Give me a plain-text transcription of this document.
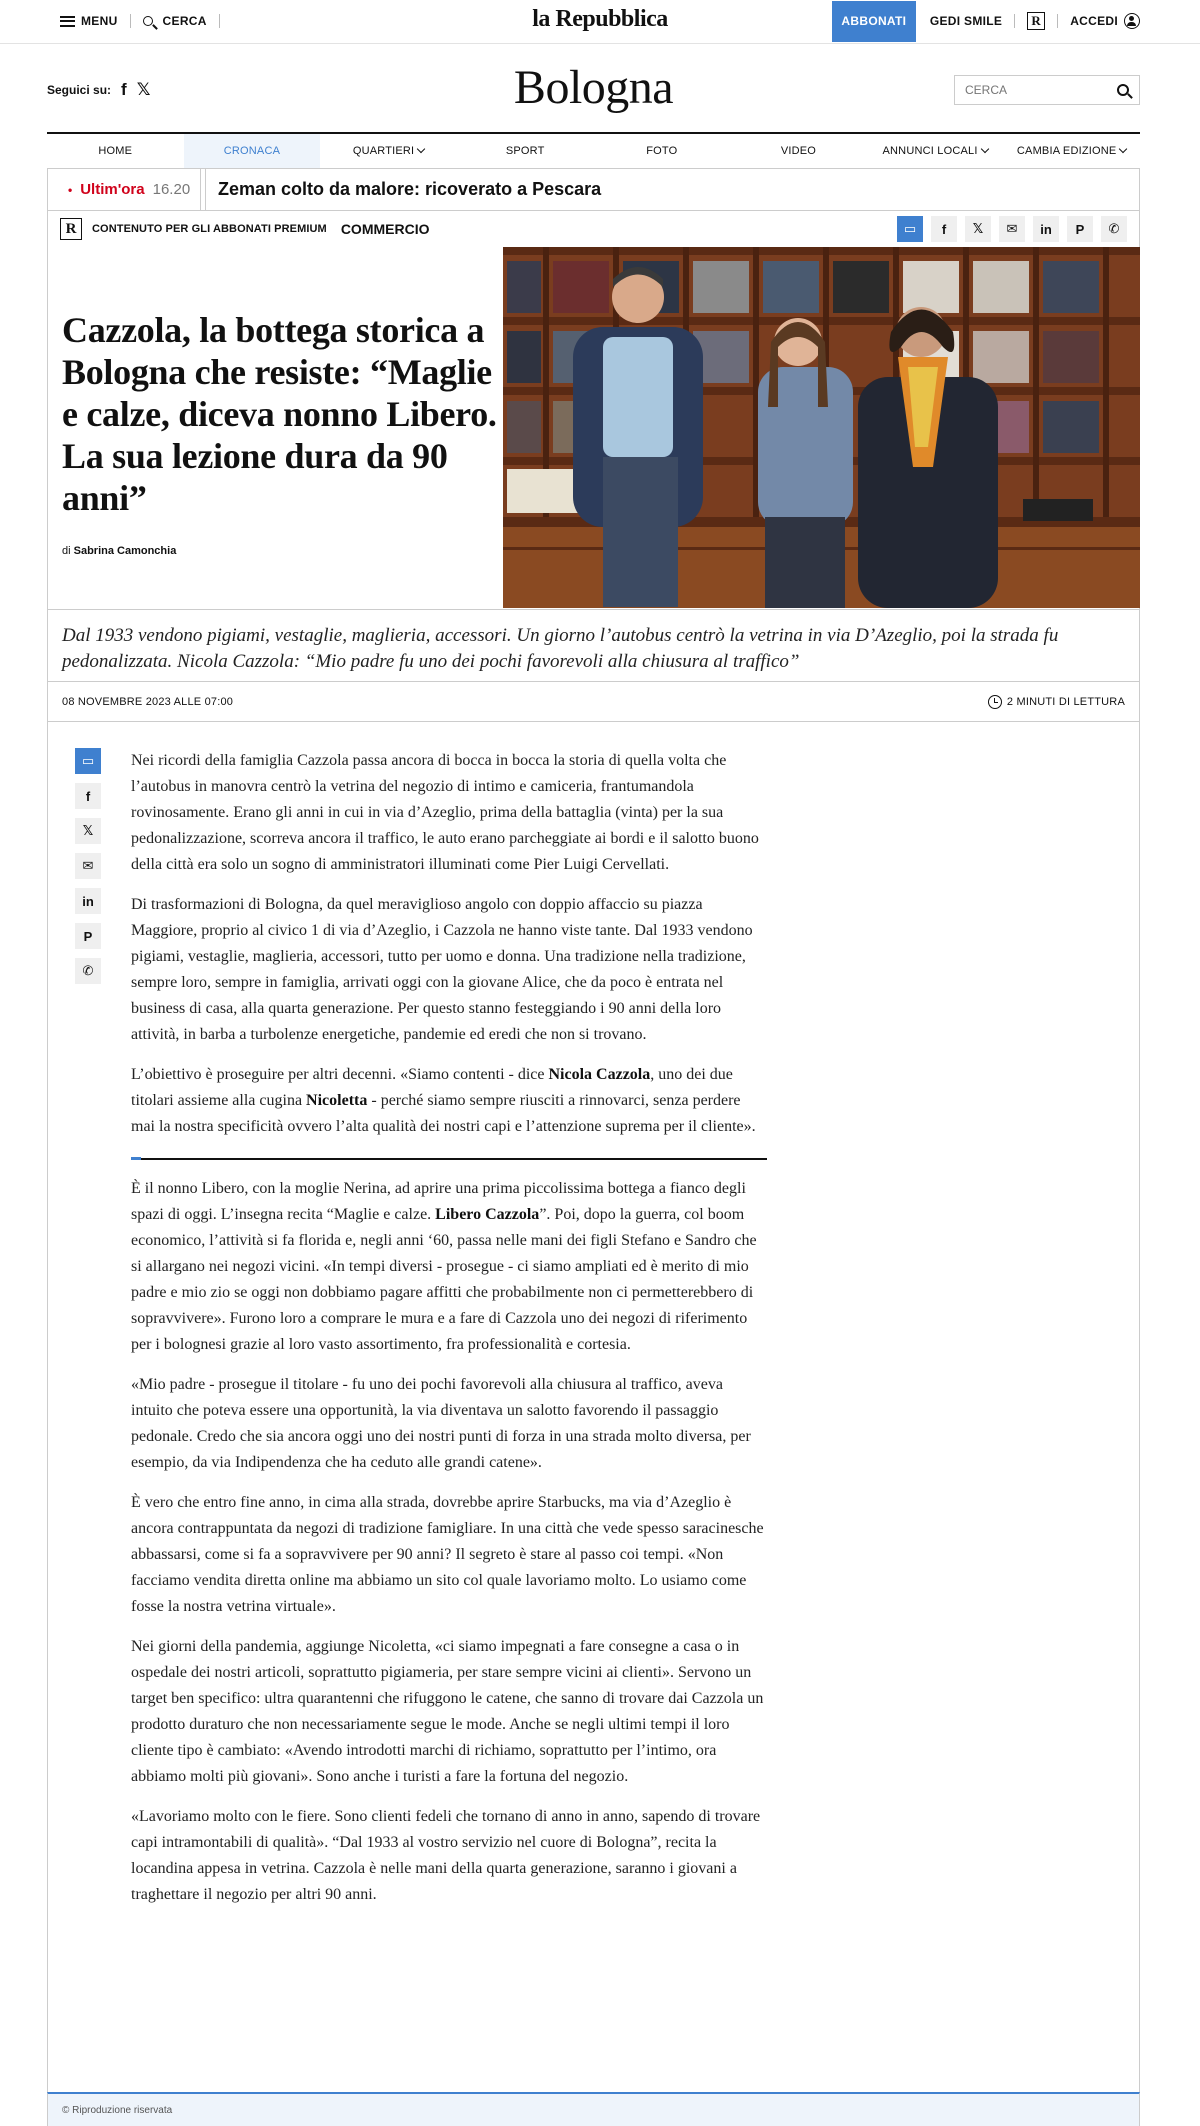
MENU	CERCA	la Repubblica	ABBONATI	GEDI SMILE	R	ACCEDI
Seguici su: f 𝕏	Bologna
CERCA
HOME	CRONACA	QUARTIERI	SPORT	FOTO	VIDEO	ANNUNCI LOCALI	CAMBIA EDIZIONE
• Ultim'ora 16.20	Zeman colto da malore: ricoverato a Pescara
R	CONTENUTO PER GLI ABBONATI PREMIUM COMMERCIO	▭	f	𝕏	✉	in	P	✆
Cazzola, la bottega storica a Bologna che resiste: “Maglie e calze, diceva nonno Libero. La sua lezione dura da 90 anni”
di Sabrina Camonchia

Dal 1933 vendono pigiami, vestaglie, maglieria, accessori. Un giorno l’autobus centrò la vetrina in via D’Azeglio, poi la strada fu pedonalizzata. Nicola Cazzola: “Mio padre fu uno dei pochi favorevoli alla chiusura al traffico”

08 NOVEMBRE 2023 ALLE 07:00	2 MINUTI DI LETTURA
▭
f
𝕏
✉
in
P
✆

Nei ricordi della famiglia Cazzola passa ancora di bocca in bocca la storia di quella volta che l’autobus in manovra centrò la vetrina del negozio di intimo e camiceria, frantumandola rovinosamente. Erano gli anni in cui in via d’Azeglio, prima della battaglia (vinta) per la sua pedonalizzazione, scorreva ancora il traffico, le auto erano parcheggiate ai bordi e il salotto buono della città era solo un sogno di amministratori illuminati come Pier Luigi Cervellati.

Di trasformazioni di Bologna, da quel meraviglioso angolo con doppio affaccio su piazza Maggiore, proprio al civico 1 di via d’Azeglio, i Cazzola ne hanno viste tante. Dal 1933 vendono pigiami, vestaglie, maglieria, accessori, tutto per uomo e donna. Una tradizione nella tradizione, sempre loro, sempre in famiglia, arrivati oggi con la giovane Alice, che da poco è entrata nel business di casa, alla quarta generazione. Per questo stanno festeggiando i 90 anni della loro attività, in barba a turbolenze energetiche, pandemie ed eredi che non si trovano.

L’obiettivo è proseguire per altri decenni. «Siamo contenti - dice Nicola Cazzola, uno dei due titolari assieme alla cugina Nicoletta - perché siamo sempre riusciti a rinnovarci, senza perdere mai la nostra specificità ovvero l’alta qualità dei nostri capi e l’attenzione suprema per il cliente».

È il nonno Libero, con la moglie Nerina, ad aprire una prima piccolissima bottega a fianco degli spazi di oggi. L’insegna recita “Maglie e calze. Libero Cazzola”. Poi, dopo la guerra, col boom economico, l’attività si fa florida e, negli anni ‘60, passa nelle mani dei figli Stefano e Sandro che si allargano nei negozi vicini. «In tempi diversi - prosegue - ci siamo ampliati ed è merito di mio padre e mio zio se oggi non dobbiamo pagare affitti che probabilmente non ci permetterebbero di sopravvivere». Furono loro a comprare le mura e a fare di Cazzola uno dei negozi di riferimento per i bolognesi grazie al loro vasto assortimento, fra professionalità e cortesia.

«Mio padre - prosegue il titolare - fu uno dei pochi favorevoli alla chiusura al traffico, aveva intuito che poteva essere una opportunità, la via diventava un salotto favorendo il passaggio pedonale. Credo che sia ancora oggi uno dei nostri punti di forza in una strada molto diversa, per esempio, da via Indipendenza che ha ceduto alle grandi catene».

È vero che entro fine anno, in cima alla strada, dovrebbe aprire Starbucks, ma via d’Azeglio è ancora contrappuntata da negozi di tradizione famigliare. In una città che vede spesso saracinesche abbassarsi, come si fa a sopravvivere per 90 anni? Il segreto è stare al passo coi tempi. «Non facciamo vendita diretta online ma abbiamo un sito col quale lavoriamo molto. Lo usiamo come fosse la nostra vetrina virtuale».

Nei giorni della pandemia, aggiunge Nicoletta, «ci siamo impegnati a fare consegne a casa o in ospedale dei nostri articoli, soprattutto pigiameria, per stare sempre vicini ai clienti». Servono un target ben specifico: ultra quarantenni che rifuggono le catene, che sanno di trovare dai Cazzola un prodotto duraturo che non necessariamente segue le mode. Anche se negli ultimi tempi il loro cliente tipo è cambiato: «Avendo introdotti marchi di richiamo, soprattutto per l’intimo, ora abbiamo molti più giovani». Sono anche i turisti a fare la fortuna del negozio.

«Lavoriamo molto con le fiere. Sono clienti fedeli che tornano di anno in anno, sapendo di trovare capi intramontabili di qualità». “Dal 1933 al vostro servizio nel cuore di Bologna”, recita la locandina appesa in vetrina. Cazzola è nelle mani della quarta generazione, saranno i giovani a traghettare il negozio per altri 90 anni.

© Riproduzione riservata
